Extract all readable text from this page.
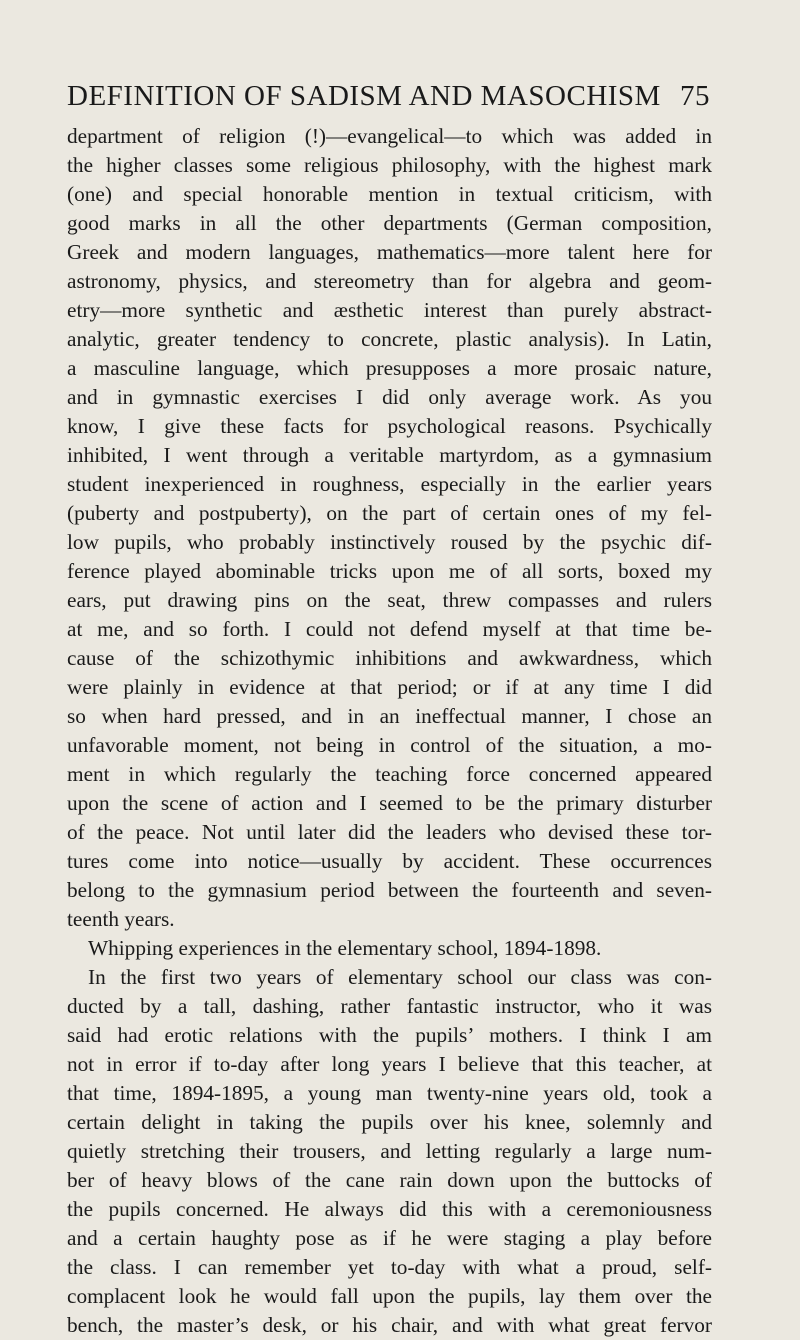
DEFINITION OF SADISM AND MASOCHISM 75
department of religion (!)—evangelical—to which was added in
the higher classes some religious philosophy, with the highest mark
(one) and special honorable mention in textual criticism, with
good marks in all the other departments (German composition,
Greek and modern languages, mathematics—more talent here for
astronomy, physics, and stereometry than for algebra and geom-
etry—more synthetic and æsthetic interest than purely abstract-
analytic, greater tendency to concrete, plastic analysis). In Latin,
a masculine language, which presupposes a more prosaic nature,
and in gymnastic exercises I did only average work. As you
know, I give these facts for psychological reasons. Psychically
inhibited, I went through a veritable martyrdom, as a gymnasium
student inexperienced in roughness, especially in the earlier years
(puberty and postpuberty), on the part of certain ones of my fel-
low pupils, who probably instinctively roused by the psychic dif-
ference played abominable tricks upon me of all sorts, boxed my
ears, put drawing pins on the seat, threw compasses and rulers
at me, and so forth. I could not defend myself at that time be-
cause of the schizothymic inhibitions and awkwardness, which
were plainly in evidence at that period; or if at any time I did
so when hard pressed, and in an ineffectual manner, I chose an
unfavorable moment, not being in control of the situation, a mo-
ment in which regularly the teaching force concerned appeared
upon the scene of action and I seemed to be the primary disturber
of the peace. Not until later did the leaders who devised these tor-
tures come into notice—usually by accident. These occurrences
belong to the gymnasium period between the fourteenth and seven-
teenth years.
Whipping experiences in the elementary school, 1894-1898.
In the first two years of elementary school our class was con-
ducted by a tall, dashing, rather fantastic instructor, who it was
said had erotic relations with the pupils’ mothers. I think I am
not in error if to-day after long years I believe that this teacher, at
that time, 1894-1895, a young man twenty-nine years old, took a
certain delight in taking the pupils over his knee, solemnly and
quietly stretching their trousers, and letting regularly a large num-
ber of heavy blows of the cane rain down upon the buttocks of
the pupils concerned. He always did this with a ceremoniousness
and a certain haughty pose as if he were staging a play before
the class. I can remember yet to-day with what a proud, self-
complacent look he would fall upon the pupils, lay them over the
bench, the master’s desk, or his chair, and with what great fervor
